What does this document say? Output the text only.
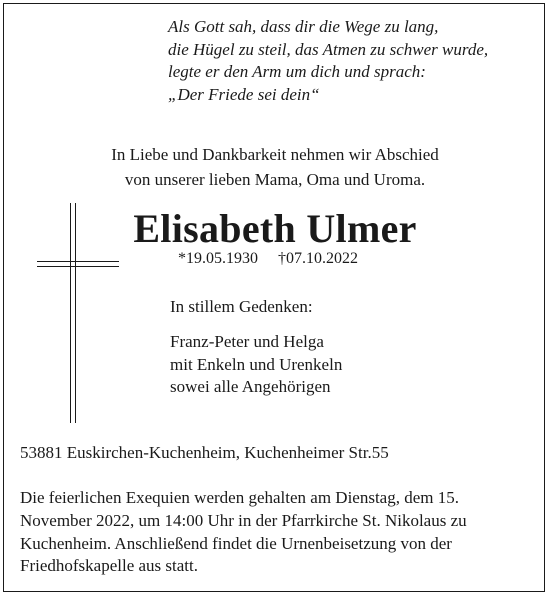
Als Gott sah, dass dir die Wege zu lang,
die Hügel zu steil, das Atmen zu schwer wurde,
legte er den Arm um dich und sprach:
„Der Friede sei dein“
In Liebe und Dankbarkeit nehmen wir Abschied
von unserer lieben Mama, Oma und Uroma.
Elisabeth Ulmer
*19.05.1930 †07.10.2022
In stillem Gedenken:
Franz-Peter und Helga
mit Enkeln und Urenkeln
sowei alle Angehörigen
53881 Euskirchen-Kuchenheim, Kuchenheimer Str.55
Die feierlichen Exequien werden gehalten am Dienstag, dem 15.
November 2022, um 14:00 Uhr in der Pfarrkirche St. Nikolaus zu
Kuchenheim. Anschließend findet die Urnenbeisetzung von der
Friedhofskapelle aus statt.
